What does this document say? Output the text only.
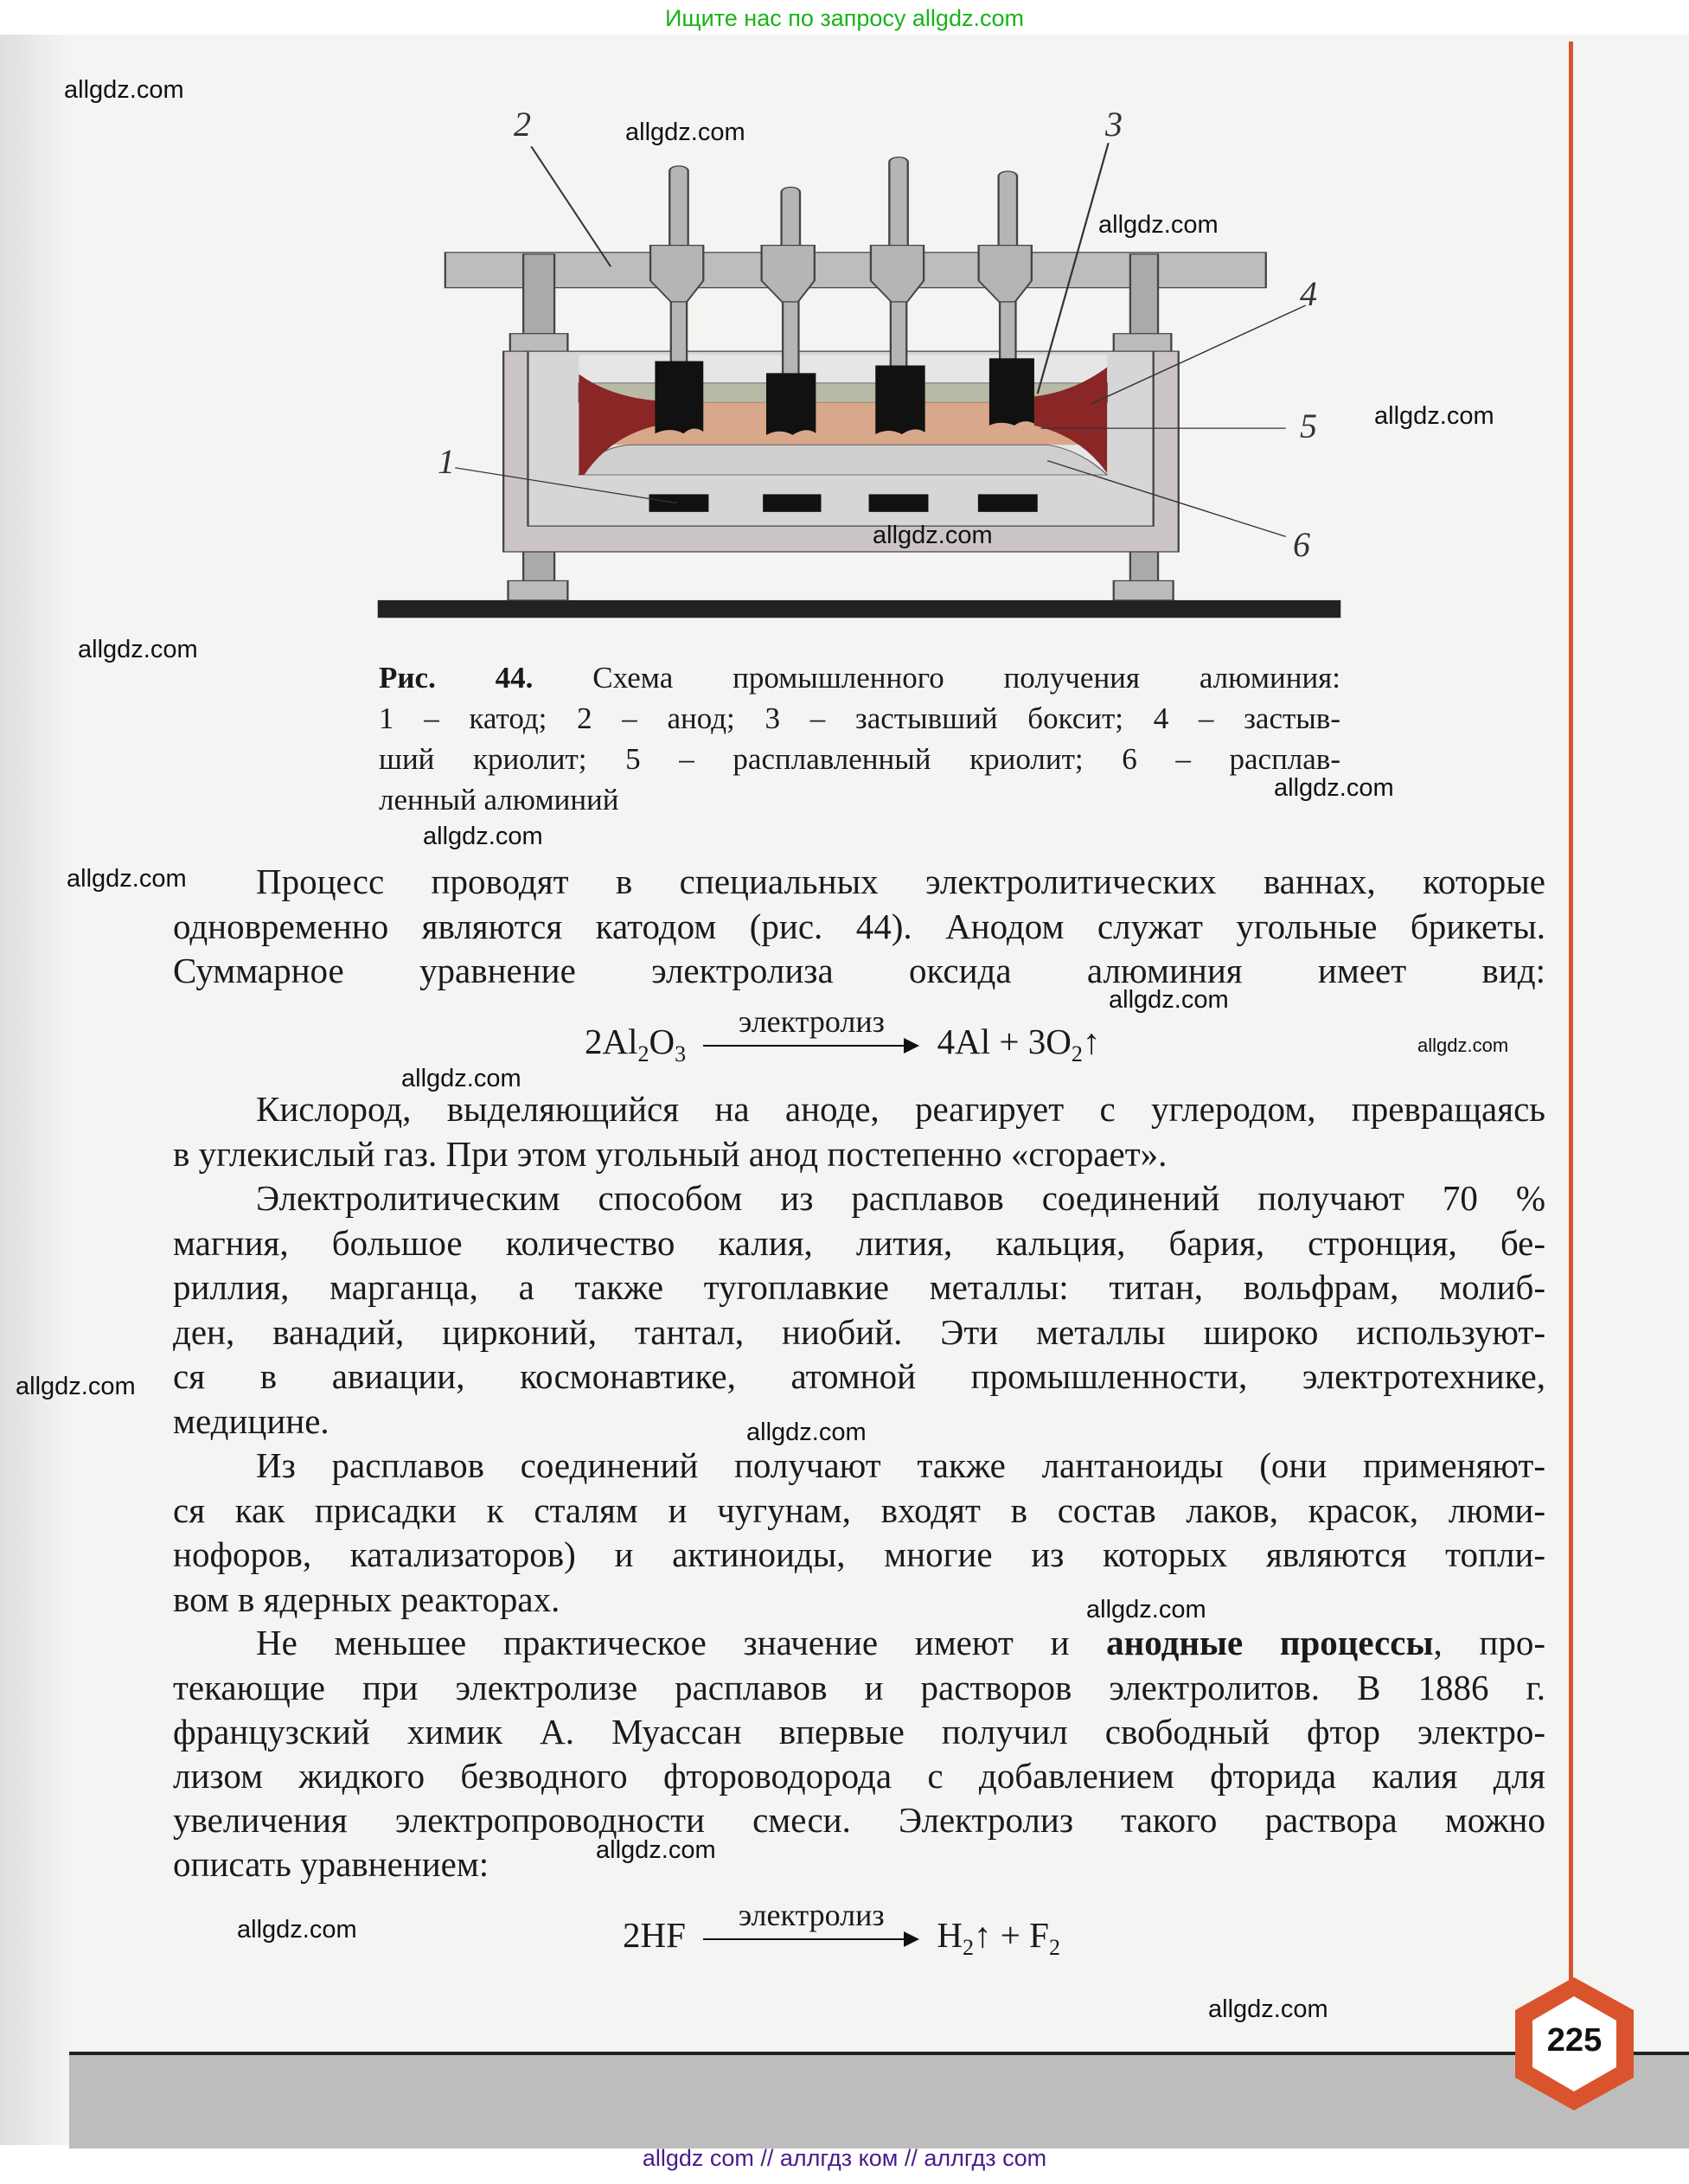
Ищите нас по запросу allgdz.com
1
2	3
4
5
6
Рис. 44. Схема промышленного получения алюминия:
1 – катод; 2 – анод; 3 – застывший боксит; 4 – застыв-
ший криолит; 5 – расплавленный криолит; 6 – расплав-
ленный алюминий
Процесс проводят в специальных электролитических ваннах, которые
одновременно являются катодом (рис. 44). Анодом служат угольные брикеты.
Суммарное уравнение электролиза оксида алюминия имеет вид:
Кислород, выделяющийся на аноде, реагирует с углеродом, превращаясь
в углекислый газ. При этом угольный анод постепенно «сгорает».
Электролитическим способом из расплавов соединений получают 70 %
магния, большое количество калия, лития, кальция, бария, стронция, бе-
риллия, марганца, а также тугоплавкие металлы: титан, вольфрам, молиб-
ден, ванадий, цирконий, тантал, ниобий. Эти металлы широко используют-
ся в авиации, космонавтике, атомной промышленности, электротехнике,
медицине.
Из расплавов соединений получают также лантаноиды (они применяют-
ся как присадки к сталям и чугунам, входят в состав лаков, красок, люми-
нофоров, катализаторов) и актиноиды, многие из которых являются топли-
вом в ядерных реакторах.
Не меньшее практическое значение имеют и анодные процессы, про-
текающие при электролизе расплавов и растворов электролитов. В 1886 г.
французский химик А. Муассан впервые получил свободный фтор электро-
лизом жидкого безводного фтороводорода с добавлением фторида калия для
увеличения электропроводности смеси. Электролиз такого раствора можно
описать уравнением:
$2Al_2O_3$
электролиз
$4Al + 3O_2↑$
2HF
электролиз
$H_2↑ + F_2$
allgdz.com
allgdz.com
allgdz.com
allgdz.com
allgdz.com
allgdz.com
allgdz.com
allgdz.com
allgdz.com
allgdz.com
allgdz.com
allgdz.com
allgdz.com
allgdz.com
allgdz.com
allgdz.com
allgdz.com
allgdz.com
225
allgdz com // аллгдз ком // аллгдз com
